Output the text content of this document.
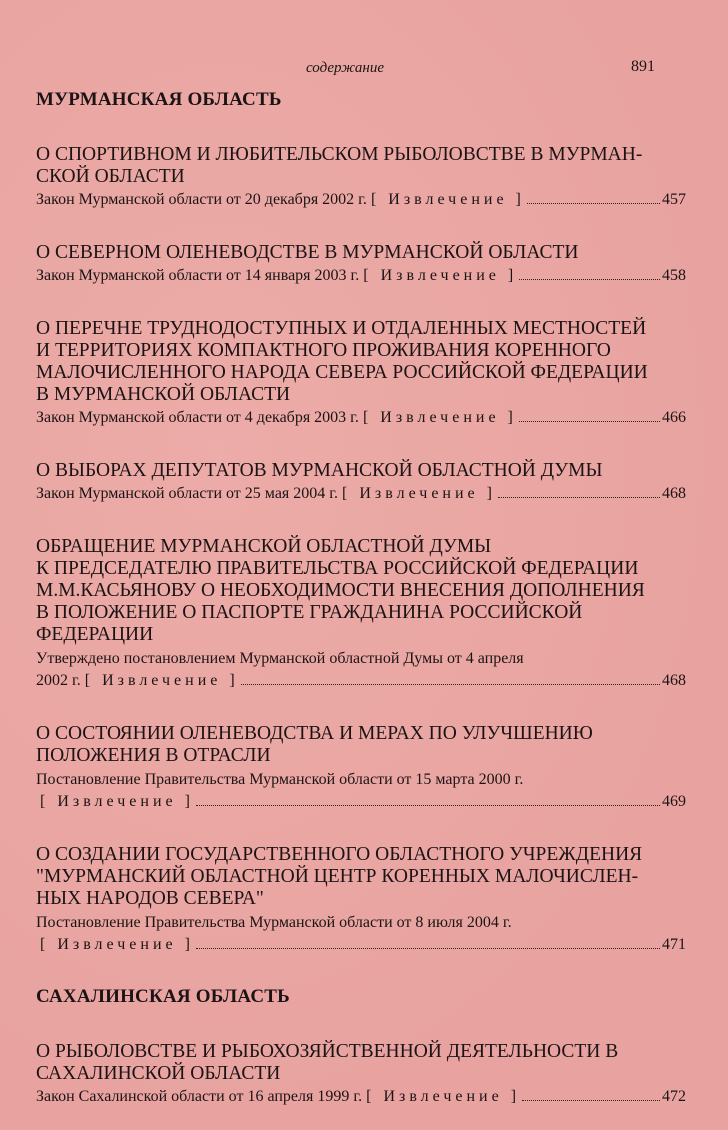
содержание	891
МУРМАНСКАЯ ОБЛАСТЬ
О СПОРТИВНОМ И ЛЮБИТЕЛЬСКОМ РЫБОЛОВСТВЕ В МУРМАН-
СКОЙ ОБЛАСТИ
Закон Мурманской области от 20 декабря 2002 г. [ Извлечение ]	457
О СЕВЕРНОМ ОЛЕНЕВОДСТВЕ В МУРМАНСКОЙ ОБЛАСТИ
Закон Мурманской области от 14 января 2003 г. [ Извлечение ]	458
О ПЕРЕЧНЕ ТРУДНОДОСТУПНЫХ И ОТДАЛЕННЫХ МЕСТНОСТЕЙ
И ТЕРРИТОРИЯХ КОМПАКТНОГО ПРОЖИВАНИЯ КОРЕННОГО
МАЛОЧИСЛЕННОГО НАРОДА СЕВЕРА РОССИЙСКОЙ ФЕДЕРАЦИИ
В МУРМАНСКОЙ ОБЛАСТИ
Закон Мурманской области от 4 декабря 2003 г. [ Извлечение ]	466
О ВЫБОРАХ ДЕПУТАТОВ МУРМАНСКОЙ ОБЛАСТНОЙ ДУМЫ
Закон Мурманской области от 25 мая 2004 г. [ Извлечение ]	468
ОБРАЩЕНИЕ МУРМАНСКОЙ ОБЛАСТНОЙ ДУМЫ
К ПРЕДСЕДАТЕЛЮ ПРАВИТЕЛЬСТВА РОССИЙСКОЙ ФЕДЕРАЦИИ
М.М.КАСЬЯНОВУ О НЕОБХОДИМОСТИ ВНЕСЕНИЯ ДОПОЛНЕНИЯ
В ПОЛОЖЕНИЕ О ПАСПОРТЕ ГРАЖДАНИНА РОССИЙСКОЙ
ФЕДЕРАЦИИ
Утверждено постановлением Мурманской областной Думы от 4 апреля
2002 г. [ Извлечение ]	468
О СОСТОЯНИИ ОЛЕНЕВОДСТВА И МЕРАХ ПО УЛУЧШЕНИЮ
ПОЛОЖЕНИЯ В ОТРАСЛИ
Постановление Правительства Мурманской области от 15 марта 2000 г.
[ Извлечение ]	469
О СОЗДАНИИ ГОСУДАРСТВЕННОГО ОБЛАСТНОГО УЧРЕЖДЕНИЯ
"МУРМАНСКИЙ ОБЛАСТНОЙ ЦЕНТР КОРЕННЫХ МАЛОЧИСЛЕН-
НЫХ НАРОДОВ СЕВЕРА"
Постановление Правительства Мурманской области от 8 июля 2004 г.
[ Извлечение ]	471
САХАЛИНСКАЯ ОБЛАСТЬ
О РЫБОЛОВСТВЕ И РЫБОХОЗЯЙСТВЕННОЙ ДЕЯТЕЛЬНОСТИ В
САХАЛИНСКОЙ ОБЛАСТИ
Закон Сахалинской области от 16 апреля 1999 г. [ Извлечение ]	472
